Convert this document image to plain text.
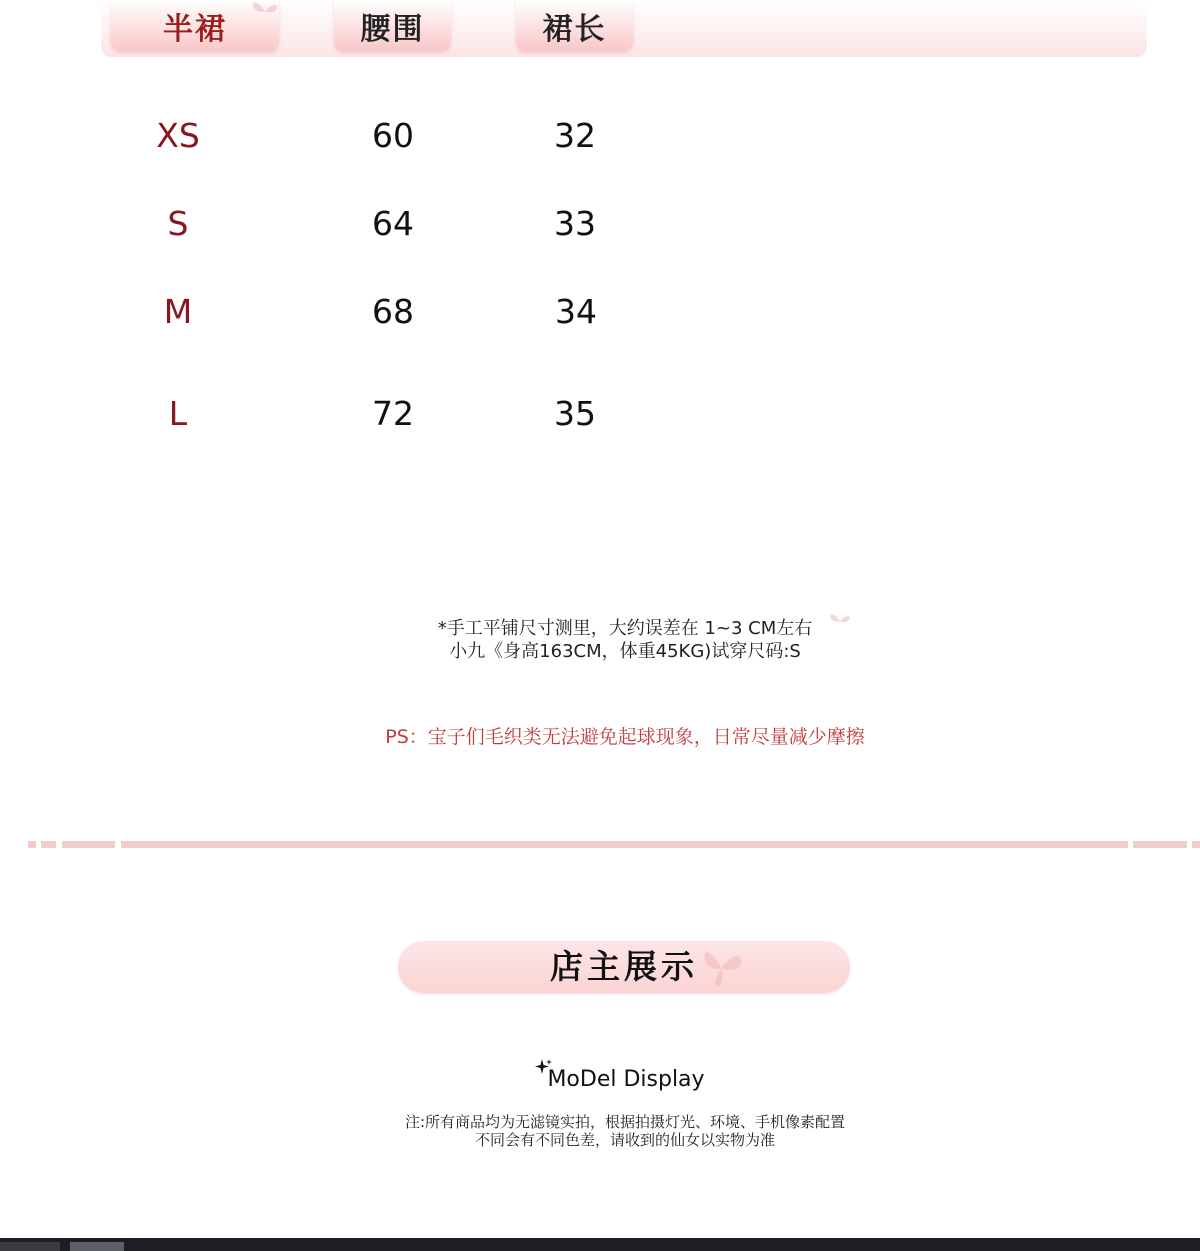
半裙	腰围	裙长
XS	60	32
S	64	33
M	68	34
L	72	35
*手工平铺尺寸测里，大约误差在 1~3 CM左右
小九《身高163CM，体重45KG)试穿尺码:S
PS：宝子们毛织类无法避免起球现象，日常尽量减少摩擦
店主展示
MoDel Display
注:所有商品均为无滤镜实拍，根据拍摄灯光、环境、手机像素配置
不同会有不同色差，请收到的仙女以实物为准
